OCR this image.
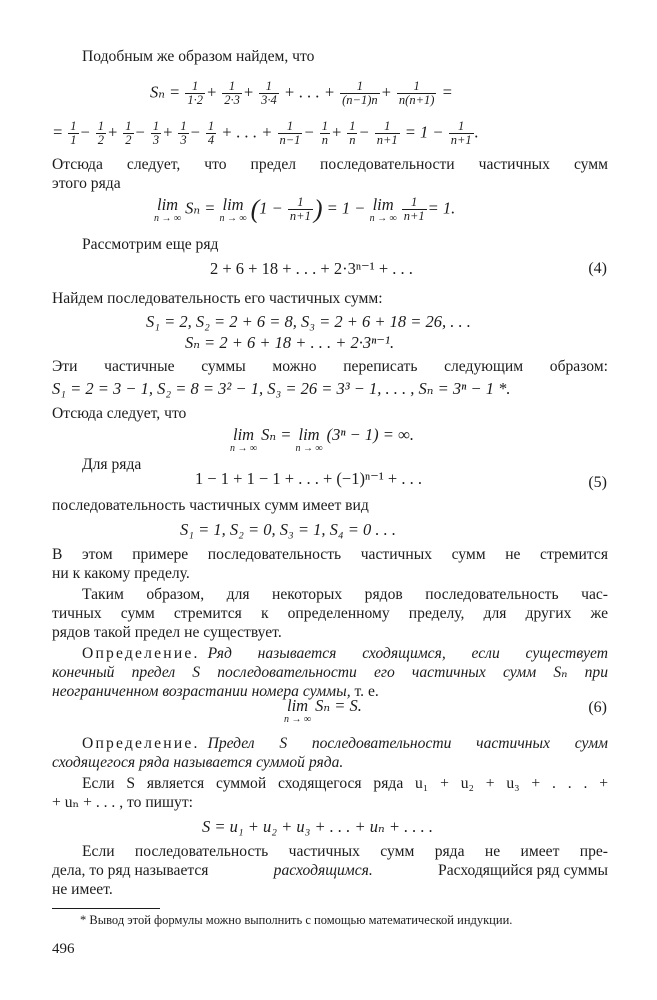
Подобным же образом найдем, что
$S_n = \frac{1}{1\cdot 2} + \frac{1}{2\cdot 3} + \frac{1}{3\cdot 4}$ + . . . + $\frac{1}{(n-1)n} + \frac{1}{n(n+1)}$ =
= $\frac{1}{1} - \frac{1}{2} + \frac{1}{2} - \frac{1}{3} + \frac{1}{3} - \frac{1}{4}$ + . . . + $\frac{1}{n-1} - \frac{1}{n} + \frac{1}{n} - \frac{1}{n+1} = 1 - \frac{1}{n+1}$ .
Отсюда следует, что предел последовательности частичных сумм
этого ряда
lim
n → ∞
Sₙ = lim
n → ∞ ($1 - \frac{1}{n+1}$ ) = 1 − lim
n → ∞ $\frac{1}{n+1} = 1$.
Рассмотрим еще ряд
2 + 6 + 18 + . . . + 2·3ⁿ⁻¹ + . . .	(4)
Найдем последовательность его частичных сумм:
S₁ = 2, S₂ = 2 + 6 = 8, S₃ = 2 + 6 + 18 = 26, . . .
Sₙ = 2 + 6 + 18 + . . . + 2·3ⁿ⁻¹.
Эти частичные суммы можно переписать следующим образом:
S₁ = 2 = 3 − 1, S₂ = 8 = 3² − 1, S₃ = 26 = 3³ − 1, . . . , Sₙ = 3ⁿ − 1 *.
Отсюда следует, что
lim
n → ∞
Sₙ = lim
n → ∞
(3ⁿ − 1) = ∞.
Для ряда
1 − 1 + 1 − 1 + . . . + (−1)ⁿ⁻¹ + . . .	(5)
последовательность частичных сумм имеет вид
S₁ = 1, S₂ = 0, S₃ = 1, S₄ = 0 . . .
В этом примере последовательность частичных сумм не стремится
ни к какому пределу.
Таким образом, для некоторых рядов последовательность час-
тичных сумм стремится к определенному пределу, для других же
рядов такой предел не существует.
Определение. Ряд называется сходящимся, если существует
конечный предел S последовательности его частичных сумм Sₙ при
неограниченном возрастании номера суммы, т. е.
lim
n → ∞
Sₙ = S.	(6)
Определение. Предел S последовательности частичных сумм
сходящегося ряда называется суммой ряда.
Если S является суммой сходящегося ряда u₁ + u₂ + u₃ + . . . +
+ uₙ + . . . , то пишут:
S = u₁ + u₂ + u₃ + . . . + uₙ + . . . .
Если последовательность частичных сумм ряда не имеет пре-
дела, то ряд называется	расходящимся.	Расходящийся ряд суммы
не имеет.
* Вывод этой формулы можно выполнить с помощью математической индукции.
496
